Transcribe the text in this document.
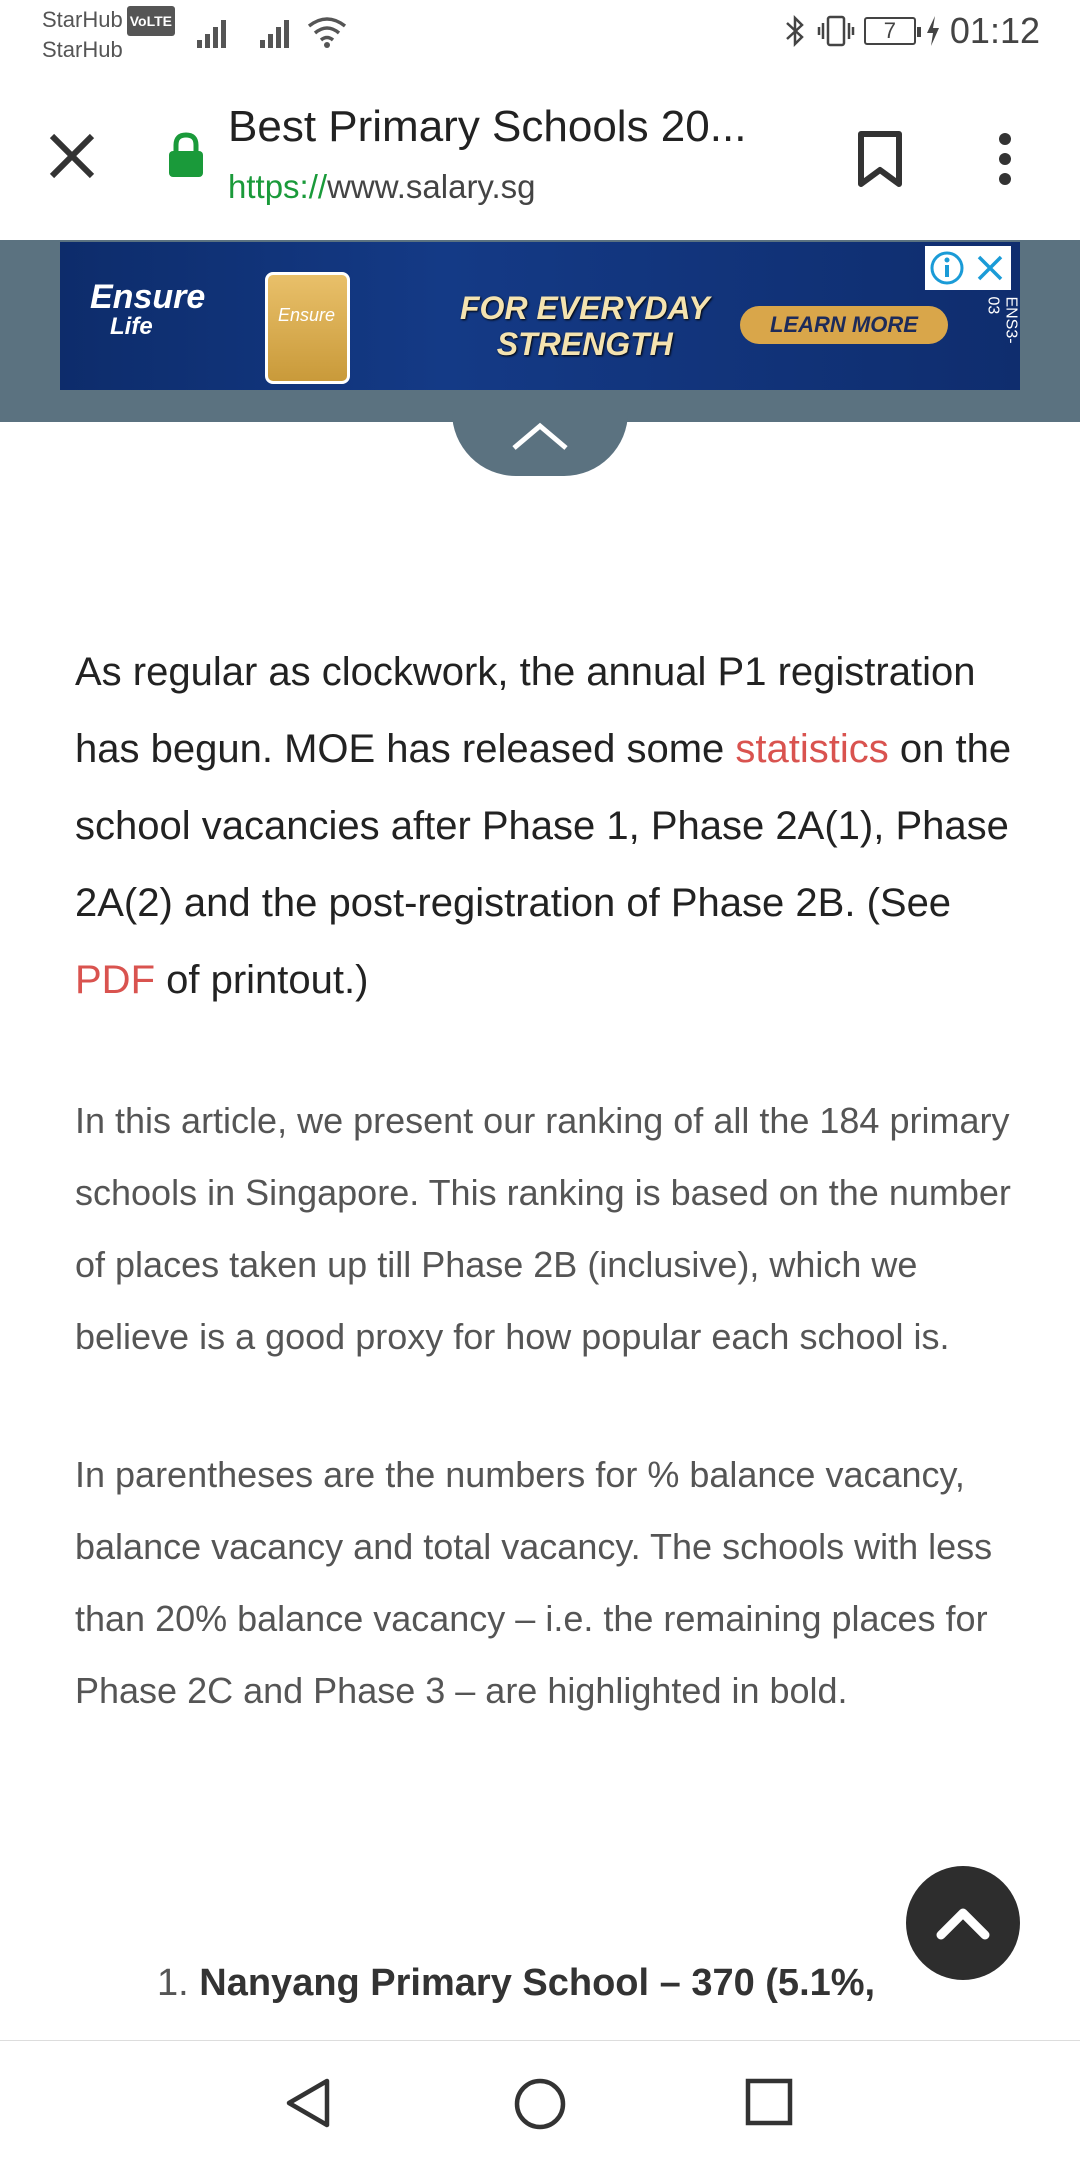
StarHub VoLTE
StarHub
7	01:12
Best Primary Schools 20...
https://www.salary.sg
Ensure
Life	Ensure	FOR EVERYDAY
STRENGTH
LEARN MORE	ENS3-03

As regular as clockwork, the annual P1 registration has begun. MOE has released some statistics on the school vacancies after Phase 1, Phase 2A(1), Phase 2A(2) and the post-registration of Phase 2B. (See PDF of printout.)

In this article, we present our ranking of all the 184 primary schools in Singapore. This ranking is based on the number of places taken up till Phase 2B (inclusive), which we believe is a good proxy for how popular each school is.

In parentheses are the numbers for % balance vacancy, balance vacancy and total vacancy. The schools with less than 20% balance vacancy – i.e. the remaining places for Phase 2C and Phase 3 – are highlighted in bold.

1. Nanyang Primary School – 370 (5.1%,
